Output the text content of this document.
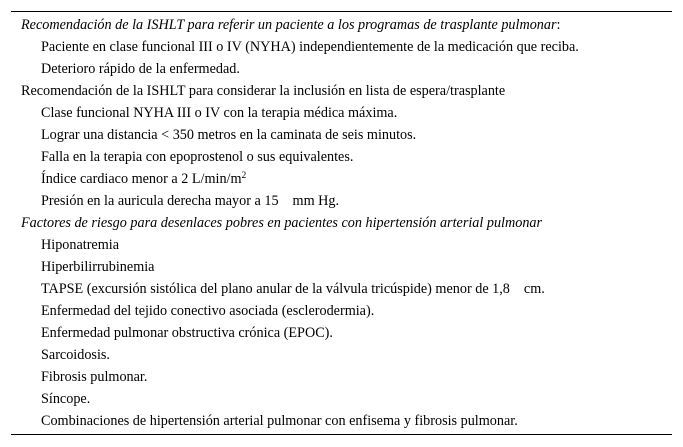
Recomendación de la ISHLT para referir un paciente a los programas de trasplante pulmonar:
Paciente en clase funcional III o IV (NYHA) independientemente de la medicación que reciba.
Deterioro rápido de la enfermedad.
Recomendación de la ISHLT para considerar la inclusión en lista de espera/trasplante
Clase funcional NYHA III o IV con la terapia médica máxima.
Lograr una distancia < 350 metros en la caminata de seis minutos.
Falla en la terapia con epoprostenol o sus equivalentes.
Índice cardiaco menor a 2 $L/\min/m^2$
Presión en la auricula derecha mayor a 15 mm Hg.
Factores de riesgo para desenlaces pobres en pacientes con hipertensión arterial pulmonar
Hiponatremia
Hiperbilirrubinemia
TAPSE (excursión sistólica del plano anular de la válvula tricúspide) menor de 1,8 cm.
Enfermedad del tejido conectivo asociada (esclerodermia).
Enfermedad pulmonar obstructiva crónica (EPOC).
Sarcoidosis.
Fibrosis pulmonar.
Síncope.
Combinaciones de hipertensión arterial pulmonar con enfisema y fibrosis pulmonar.
